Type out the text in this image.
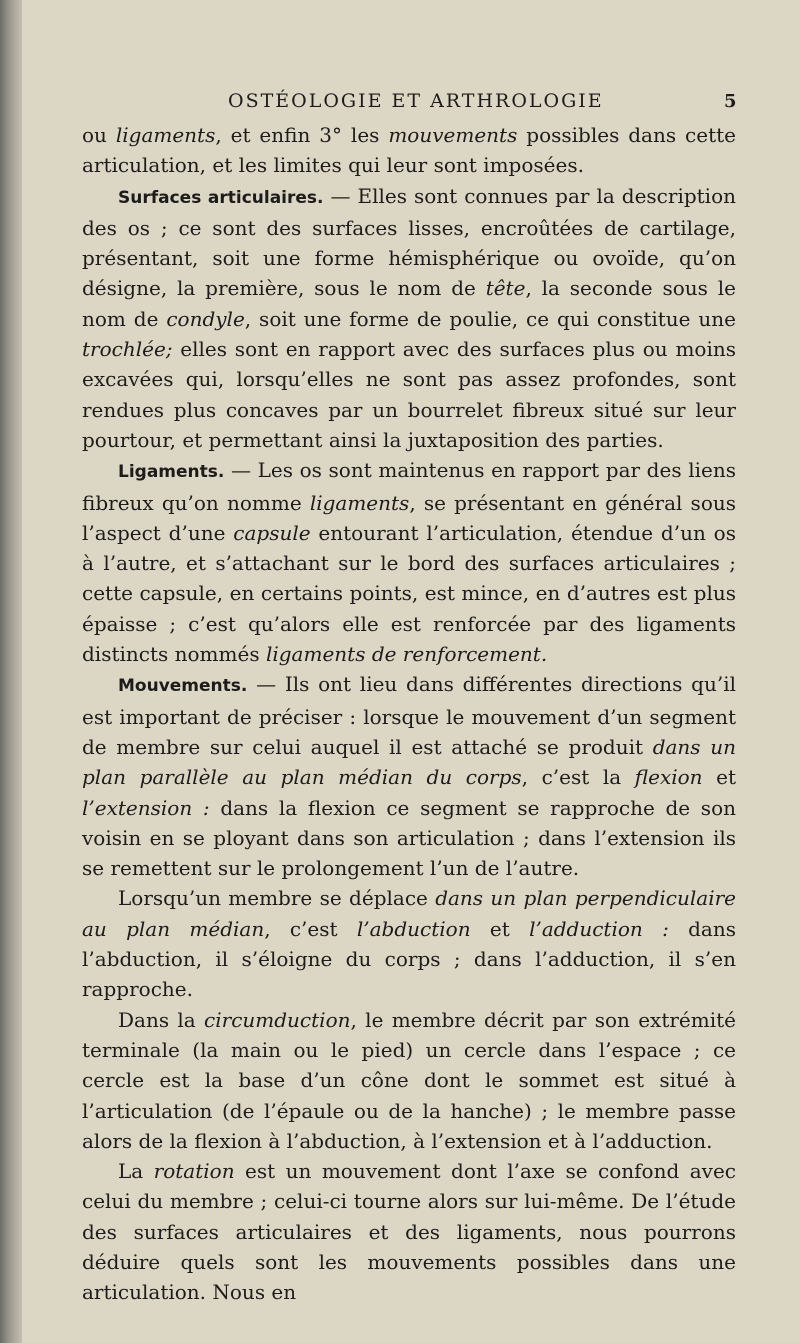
OSTÉOLOGIE ET ARTHROLOGIE	5

ou ligaments, et enfin 3° les mouvements possibles dans cette articulation, et les limites qui leur sont imposées.

Surfaces articulaires. — Elles sont connues par la description des os ; ce sont des surfaces lisses, encroûtées de cartilage, présentant, soit une forme hémisphérique ou ovoïde, qu’on désigne, la première, sous le nom de tête, la seconde sous le nom de condyle, soit une forme de poulie, ce qui constitue une trochlée; elles sont en rapport avec des surfaces plus ou moins excavées qui, lorsqu’elles ne sont pas assez profondes, sont rendues plus concaves par un bourrelet fibreux situé sur leur pourtour, et permettant ainsi la juxtaposition des parties.

Ligaments. — Les os sont maintenus en rapport par des liens fibreux qu’on nomme ligaments, se présentant en général sous l’aspect d’une capsule entourant l’articulation, étendue d’un os à l’autre, et s’attachant sur le bord des surfaces articulaires ; cette capsule, en certains points, est mince, en d’autres est plus épaisse ; c’est qu’alors elle est renforcée par des ligaments distincts nommés ligaments de renforcement.

Mouvements. — Ils ont lieu dans différentes directions qu’il est important de préciser : lorsque le mouvement d’un segment de membre sur celui auquel il est attaché se produit dans un plan parallèle au plan médian du corps, c’est la flexion et l’extension : dans la flexion ce segment se rapproche de son voisin en se ployant dans son articulation ; dans l’extension ils se remettent sur le prolongement l’un de l’autre.

Lorsqu’un membre se déplace dans un plan perpendiculaire au plan médian, c’est l’abduction et l’adduction : dans l’abduction, il s’éloigne du corps ; dans l’adduction, il s’en rapproche.

Dans la circumduction, le membre décrit par son extrémité terminale (la main ou le pied) un cercle dans l’espace ; ce cercle est la base d’un cône dont le sommet est situé à l’articulation (de l’épaule ou de la hanche) ; le membre passe alors de la flexion à l’abduction, à l’extension et à l’adduction.

La rotation est un mouvement dont l’axe se confond avec celui du membre ; celui-ci tourne alors sur lui-même. De l’étude des surfaces articulaires et des ligaments, nous pourrons déduire quels sont les mouvements possibles dans une articulation. Nous en
